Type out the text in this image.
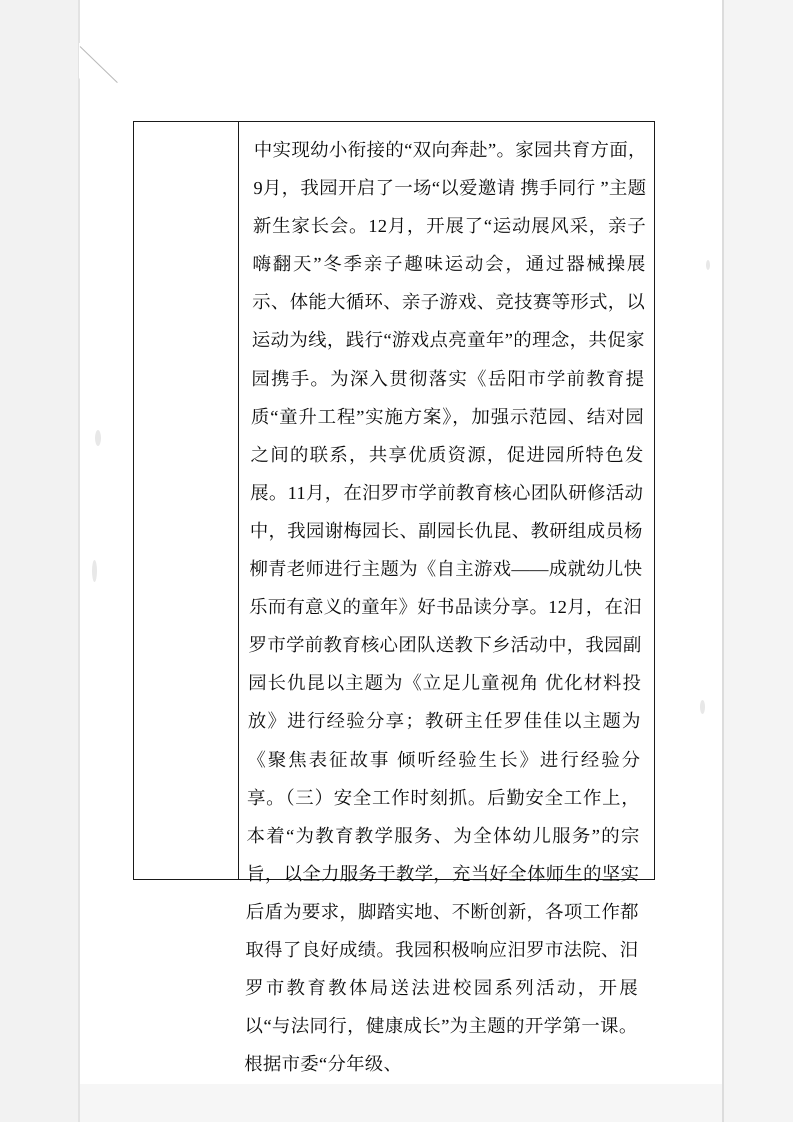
中实现幼小衔接的“双向奔赴”。家园共育方面，9月，我园开启了一场“以爱邀请 携手同行 ”主题新生家长会。12月，开展了“运动展风采，亲子嗨翻天”冬季亲子趣味运动会，通过器械操展示、体能大循环、亲子游戏、竞技赛等形式，以运动为线，践行“游戏点亮童年”的理念，共促家园携手。为深入贯彻落实《岳阳市学前教育提质“童升工程”实施方案》，加强示范园、结对园之间的联系，共享优质资源，促进园所特色发展。11月，在汨罗市学前教育核心团队研修活动中，我园谢梅园长、副园长仇昆、教研组成员杨柳青老师进行主题为《自主游戏——成就幼儿快乐而有意义的童年》好书品读分享。12月，在汨罗市学前教育核心团队送教下乡活动中，我园副园长仇昆以主题为《立足儿童视角 优化材料投放》进行经验分享；教研主任罗佳佳以主题为《聚焦表征故事 倾听经验生长》进行经验分享。（三）安全工作时刻抓。后勤安全工作上，本着“为教育教学服务、为全体幼儿服务”的宗旨，以全力服务于教学，充当好全体师生的坚实后盾为要求，脚踏实地、不断创新，各项工作都取得了良好成绩。我园积极响应汨罗市法院、汨罗市教育教体局送法进校园系列活动，开展以“与法同行，健康成长”为主题的开学第一课。根据市委“分年级、
